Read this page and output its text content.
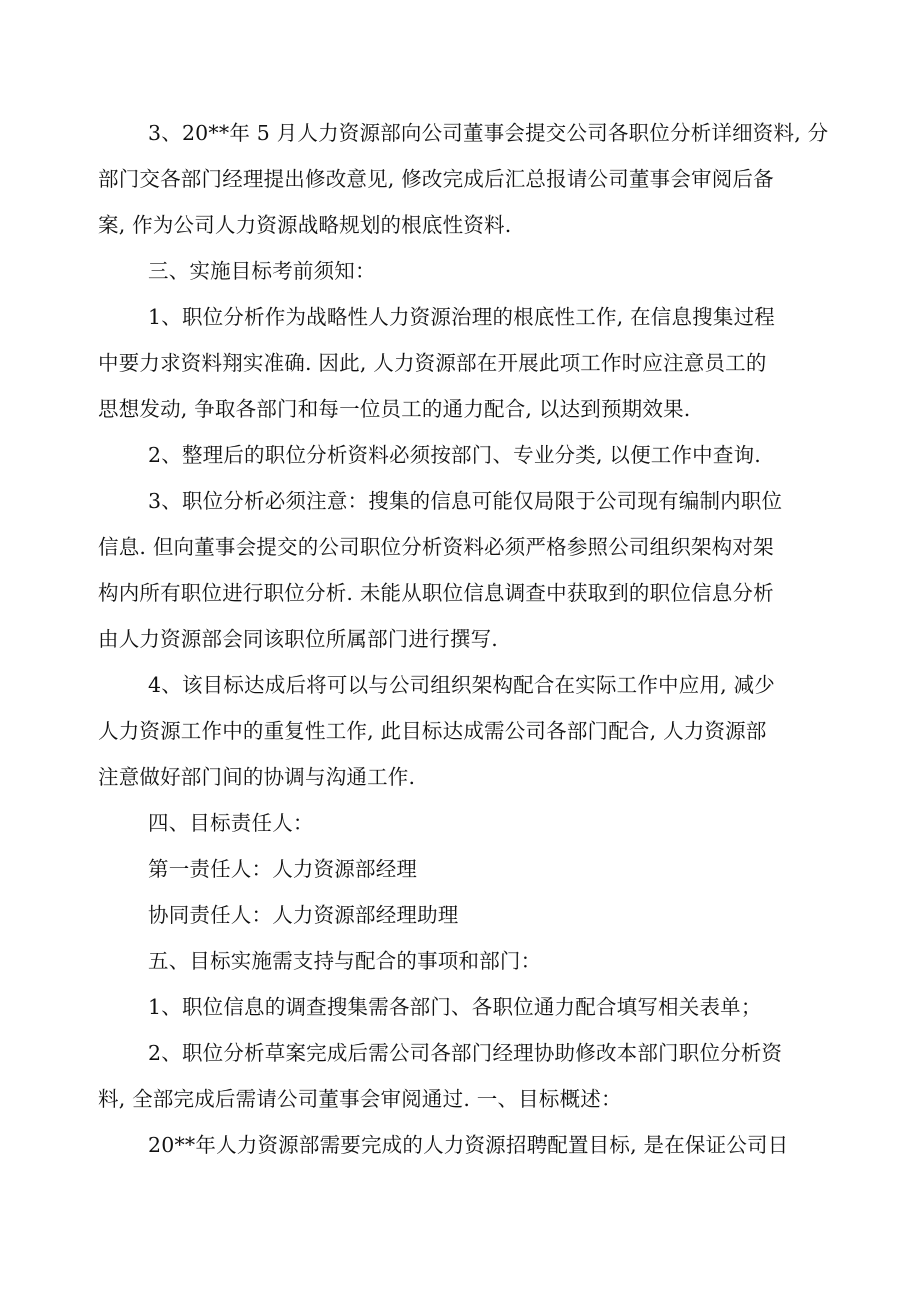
3、20**年 5 月人力资源部向公司董事会提交公司各职位分析详细资料, 分
部门交各部门经理提出修改意见, 修改完成后汇总报请公司董事会审阅后备
案, 作为公司人力资源战略规划的根底性资料.
三、实施目标考前须知：
1、职位分析作为战略性人力资源治理的根底性工作, 在信息搜集过程
中要力求资料翔实准确. 因此, 人力资源部在开展此项工作时应注意员工的
思想发动, 争取各部门和每一位员工的通力配合, 以达到预期效果.
2、整理后的职位分析资料必须按部门、专业分类, 以便工作中查询.
3、职位分析必须注意：搜集的信息可能仅局限于公司现有编制内职位
信息. 但向董事会提交的公司职位分析资料必须严格参照公司组织架构对架
构内所有职位进行职位分析. 未能从职位信息调查中获取到的职位信息分析
由人力资源部会同该职位所属部门进行撰写.
4、该目标达成后将可以与公司组织架构配合在实际工作中应用, 减少
人力资源工作中的重复性工作, 此目标达成需公司各部门配合, 人力资源部
注意做好部门间的协调与沟通工作.
四、目标责任人：
第一责任人：人力资源部经理
协同责任人：人力资源部经理助理
五、目标实施需支持与配合的事项和部门：
1、职位信息的调查搜集需各部门、各职位通力配合填写相关表单；
2、职位分析草案完成后需公司各部门经理协助修改本部门职位分析资
料, 全部完成后需请公司董事会审阅通过. 一、目标概述：
20**年人力资源部需要完成的人力资源招聘配置目标, 是在保证公司日
